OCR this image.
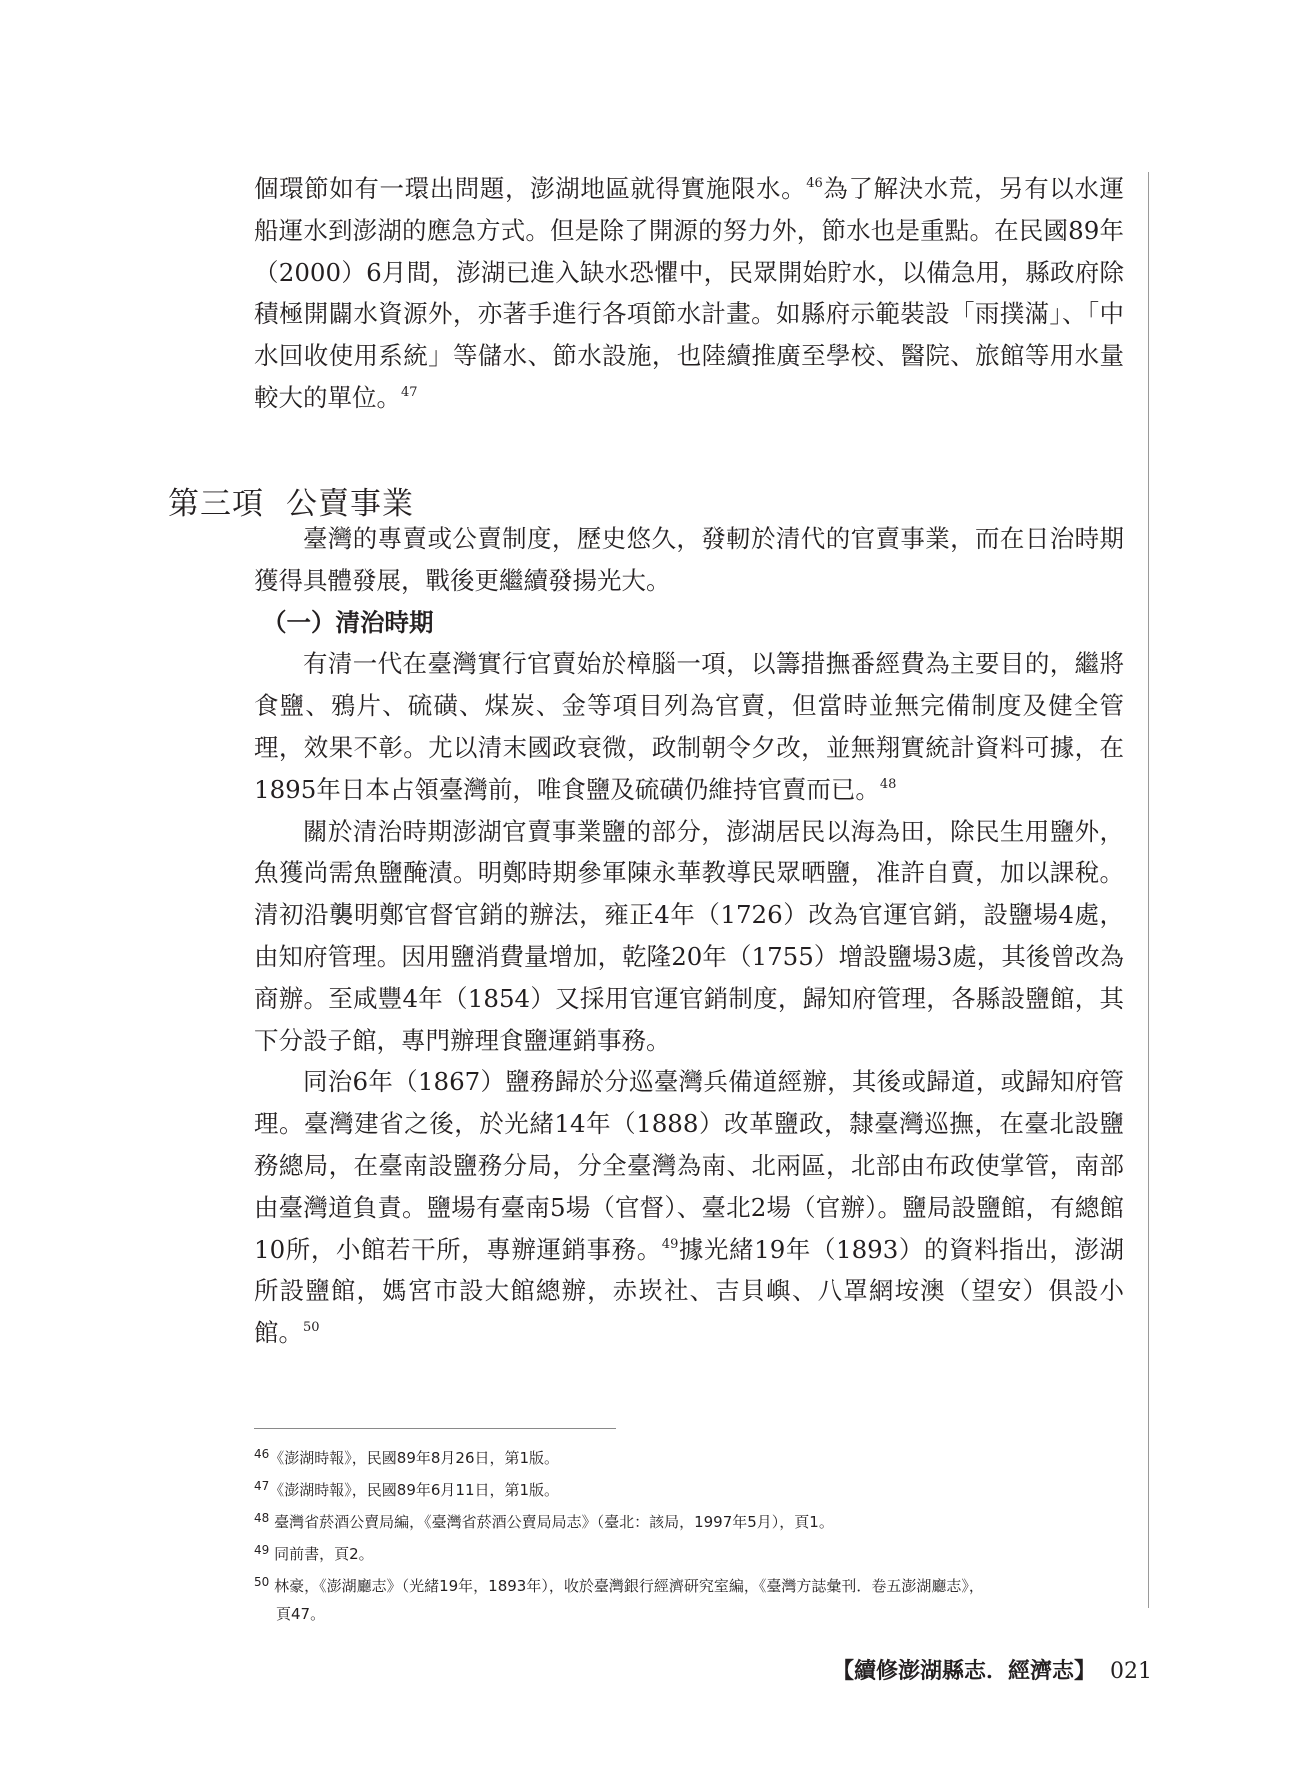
個環節如有一環出問題，澎湖地區就得實施限水。$^{46}$為了解決水荒，另有以水運船運水到澎湖的應急方式。但是除了開源的努力外，節水也是重點。在民國89年（2000）6月間，澎湖已進入缺水恐懼中，民眾開始貯水，以備急用，縣政府除積極開闢水資源外，亦著手進行各項節水計畫。如縣府示範裝設「雨撲滿」、「中水回收使用系統」等儲水、節水設施，也陸續推廣至學校、醫院、旅館等用水量較大的單位。$^{47}$

第三項 公賣事業

臺灣的專賣或公賣制度，歷史悠久，發軔於清代的官賣事業，而在日治時期獲得具體發展，戰後更繼續發揚光大。

（一）清治時期

有清一代在臺灣實行官賣始於樟腦一項，以籌措撫番經費為主要目的，繼將食鹽、鴉片、硫磺、煤炭、金等項目列為官賣，但當時並無完備制度及健全管理，效果不彰。尤以清末國政衰微，政制朝令夕改，並無翔實統計資料可據，在1895年日本占領臺灣前，唯食鹽及硫磺仍維持官賣而已。$^{48}$

關於清治時期澎湖官賣事業鹽的部分，澎湖居民以海為田，除民生用鹽外，魚獲尚需魚鹽醃漬。明鄭時期參軍陳永華教導民眾晒鹽，准許自賣，加以課稅。清初沿襲明鄭官督官銷的辦法，雍正4年（1726）改為官運官銷，設鹽場4處，由知府管理。因用鹽消費量增加，乾隆20年（1755）增設鹽場3處，其後曾改為商辦。至咸豐4年（1854）又採用官運官銷制度，歸知府管理，各縣設鹽館，其下分設子館，專門辦理食鹽運銷事務。

同治6年（1867）鹽務歸於分巡臺灣兵備道經辦，其後或歸道，或歸知府管理。臺灣建省之後，於光緒14年（1888）改革鹽政，隸臺灣巡撫，在臺北設鹽務總局，在臺南設鹽務分局，分全臺灣為南、北兩區，北部由布政使掌管，南部由臺灣道負責。鹽場有臺南5場（官督）、臺北2場（官辦）。鹽局設鹽館，有總館10所，小館若干所，專辦運銷事務。$^{49}$據光緒19年（1893）的資料指出，澎湖所設鹽館，媽宮市設大館總辦，赤崁社、吉貝嶼、八罩網垵澳（望安）俱設小館。$^{50}$

$^{46}$《澎湖時報》，民國89年8月26日，第1版。

$^{47}$《澎湖時報》，民國89年6月11日，第1版。

$^{48}$ 臺灣省菸酒公賣局編，《臺灣省菸酒公賣局局志》（臺北：該局，1997年5月），頁1。

$^{49}$ 同前書，頁2。

$^{50}$ 林豪，《澎湖廳志》（光緒19年，1893年），收於臺灣銀行經濟研究室編，《臺灣方誌彙刊．卷五澎湖廳志》，
頁47。

【續修澎湖縣志．經濟志】 021
